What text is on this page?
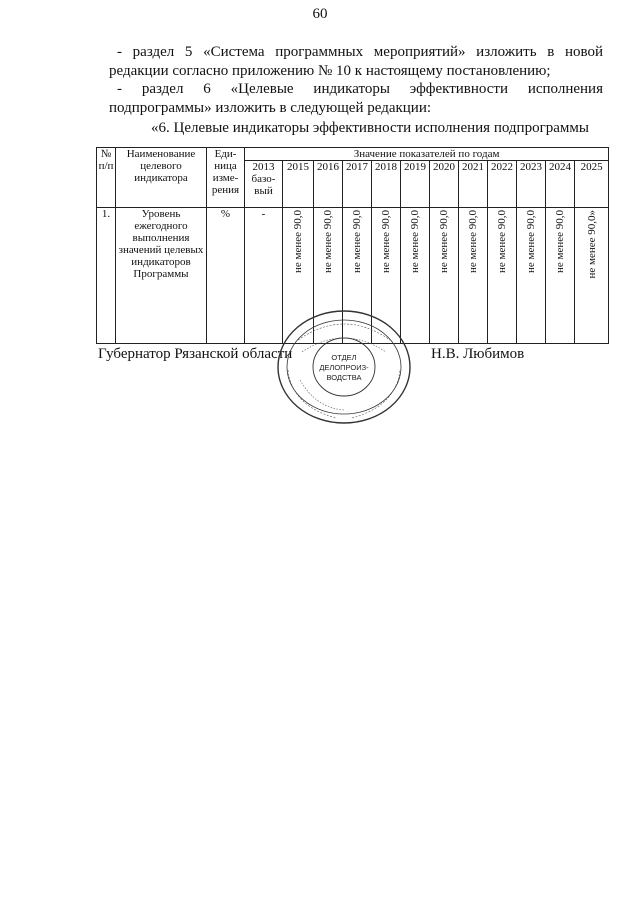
60
- раздел 5 «Система программных мероприятий» изложить в новой
редакции согласно приложению № 10 к настоящему постановлению;
- раздел 6 «Целевые индикаторы эффективности исполнения
подпрограммы» изложить в следующей редакции:
«6. Целевые индикаторы эффективности исполнения подпрограммы
№ п/п	Наименование целевого индикатора	Еди-ница изме-рения	Значение показателей по годам											
			2013 базо-вый	2015	2016	2017	2018	2019	2020	2021	2022	2023	2024	2025
1.	Уровень ежегодного выполнения значений целевых индикаторов Программы	%	-	не менее 90,0	не менее 90,0	не менее 90,0	не менее 90,0	не менее 90,0	не менее 90,0	не менее 90,0	не менее 90,0	не менее 90,0	не менее 90,0	не менее 90,0»
Губернатор Рязанской области	Н.В. Любимов
ОТДЕЛ
ДЕЛОПРОИЗ-
ВОДСТВА
